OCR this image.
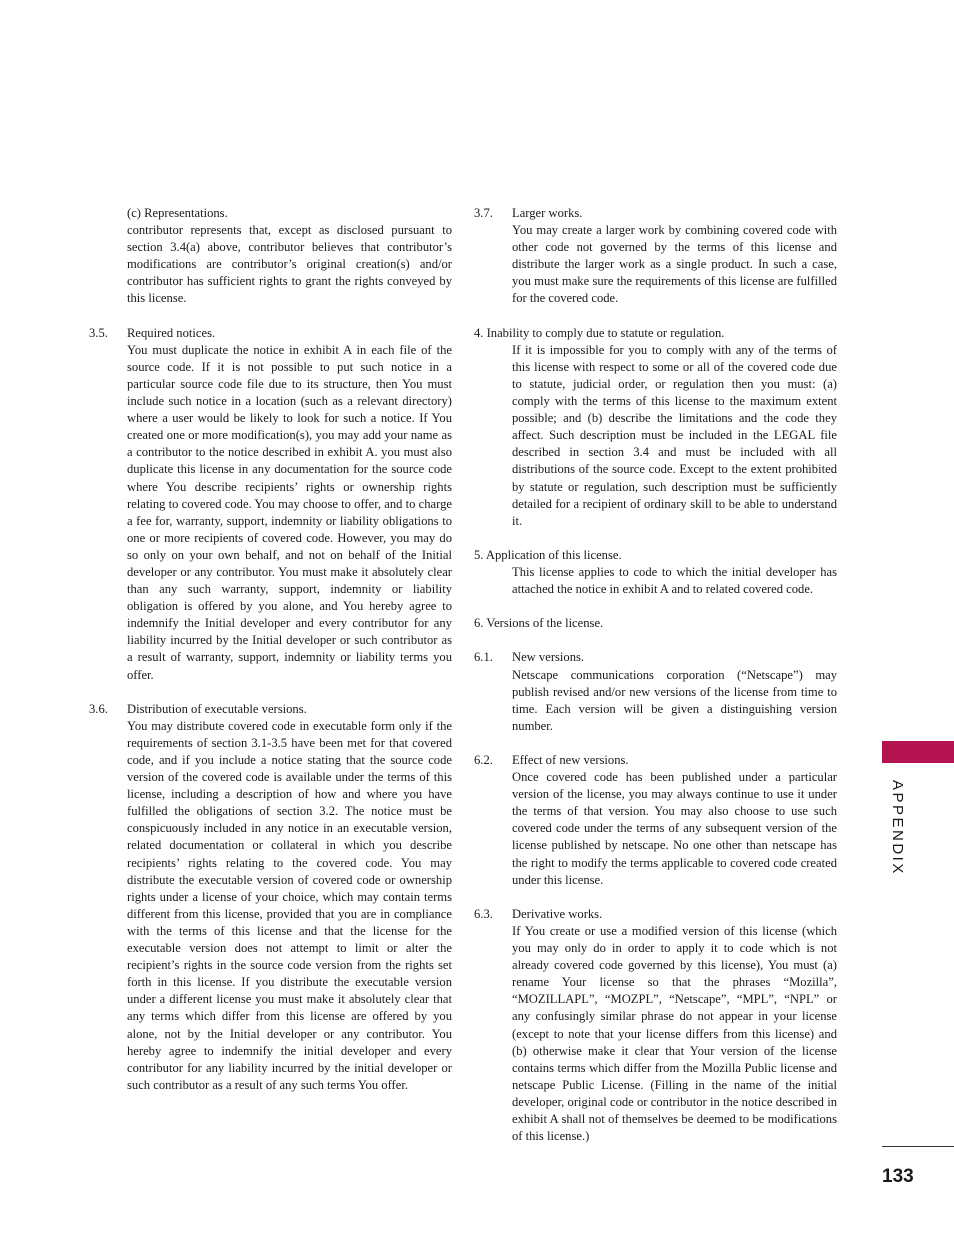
(c) Representations.
contributor represents that, except as disclosed pursuant to section 3.4(a) above, contributor believes that contributor’s modifications are contributor’s original creation(s) and/or contributor has sufficient rights to grant the rights conveyed by this license.
3.5. Required notices.
You must duplicate the notice in exhibit A in each file of the source code. If it is not possible to put such notice in a particular source code file due to its structure, then You must include such notice in a location (such as a relevant directory) where a user would be likely to look for such a notice. If You created one or more modification(s), you may add your name as a contributor to the notice described in exhibit A. you must also duplicate this license in any documentation for the source code where You describe recipients’ rights or ownership rights relating to covered code. You may choose to offer, and to charge a fee for, warranty, support, indemnity or liability obligations to one or more recipients of covered code. However, you may do so only on your own behalf, and not on behalf of the Initial developer or any contributor. You must make it absolutely clear than any such warranty, support, indemnity or liability obligation is offered by you alone, and You hereby agree to indemnify the Initial developer and every contributor for any liability incurred by the Initial developer or such contributor as a result of warranty, support, indemnity or liability terms you offer.
3.6. Distribution of executable versions.
You may distribute covered code in executable form only if the requirements of section 3.1-3.5 have been met for that covered code, and if you include a notice stating that the source code version of the covered code is available under the terms of this license, including a description of how and where you have fulfilled the obligations of section 3.2. The notice must be conspicuously included in any notice in an executable version, related documentation or collateral in which you describe recipients’ rights relating to the covered code. You may distribute the executable version of covered code or ownership rights under a license of your choice, which may contain terms different from this license, provided that you are in compliance with the terms of this license and that the license for the executable version does not attempt to limit or alter the recipient’s rights in the source code version from the rights set forth in this license. If you distribute the executable version under a different license you must make it absolutely clear that any terms which differ from this license are offered by you alone, not by the Initial developer or any contributor. You hereby agree to indemnify the initial developer and every contributor for any liability incurred by the initial developer or such contributor as a result of any such terms You offer.
3.7. Larger works.
You may create a larger work by combining covered code with other code not governed by the terms of this license and distribute the larger work as a single product. In such a case, you must make sure the requirements of this license are fulfilled for the covered code.
4. Inability to comply due to statute or regulation.
If it is impossible for you to comply with any of the terms of this license with respect to some or all of the covered code due to statute, judicial order, or regulation then you must: (a) comply with the terms of this license to the maximum extent possible; and (b) describe the limitations and the code they affect. Such description must be included in the LEGAL file described in section 3.4 and must be included with all distributions of the source code. Except to the extent prohibited by statute or regulation, such description must be sufficiently detailed for a recipient of ordinary skill to be able to understand it.
5. Application of this license.
This license applies to code to which the initial developer has attached the notice in exhibit A and to related covered code.
6. Versions of the license.
6.1. New versions.
Netscape communications corporation (“Netscape”) may publish revised and/or new versions of the license from time to time. Each version will be given a distinguishing version number.
6.2. Effect of new versions.
Once covered code has been published under a particular version of the license, you may always continue to use it under the terms of that version. You may also choose to use such covered code under the terms of any subsequent version of the license published by netscape. No one other than netscape has the right to modify the terms applicable to covered code created under this license.
6.3. Derivative works.
If You create or use a modified version of this license (which you may only do in order to apply it to code which is not already covered code governed by this license), You must (a) rename Your license so that the phrases “Mozilla”, “MOZILLAPL”, “MOZPL”, “Netscape”, “MPL”, “NPL” or any confusingly similar phrase do not appear in your license (except to note that your license differs from this license) and (b) otherwise make it clear that Your version of the license contains terms which differ from the Mozilla Public license and netscape Public License. (Filling in the name of the initial developer, original code or contributor in the notice described in exhibit A shall not of themselves be deemed to be modifications of this license.)
APPENDIX
133
